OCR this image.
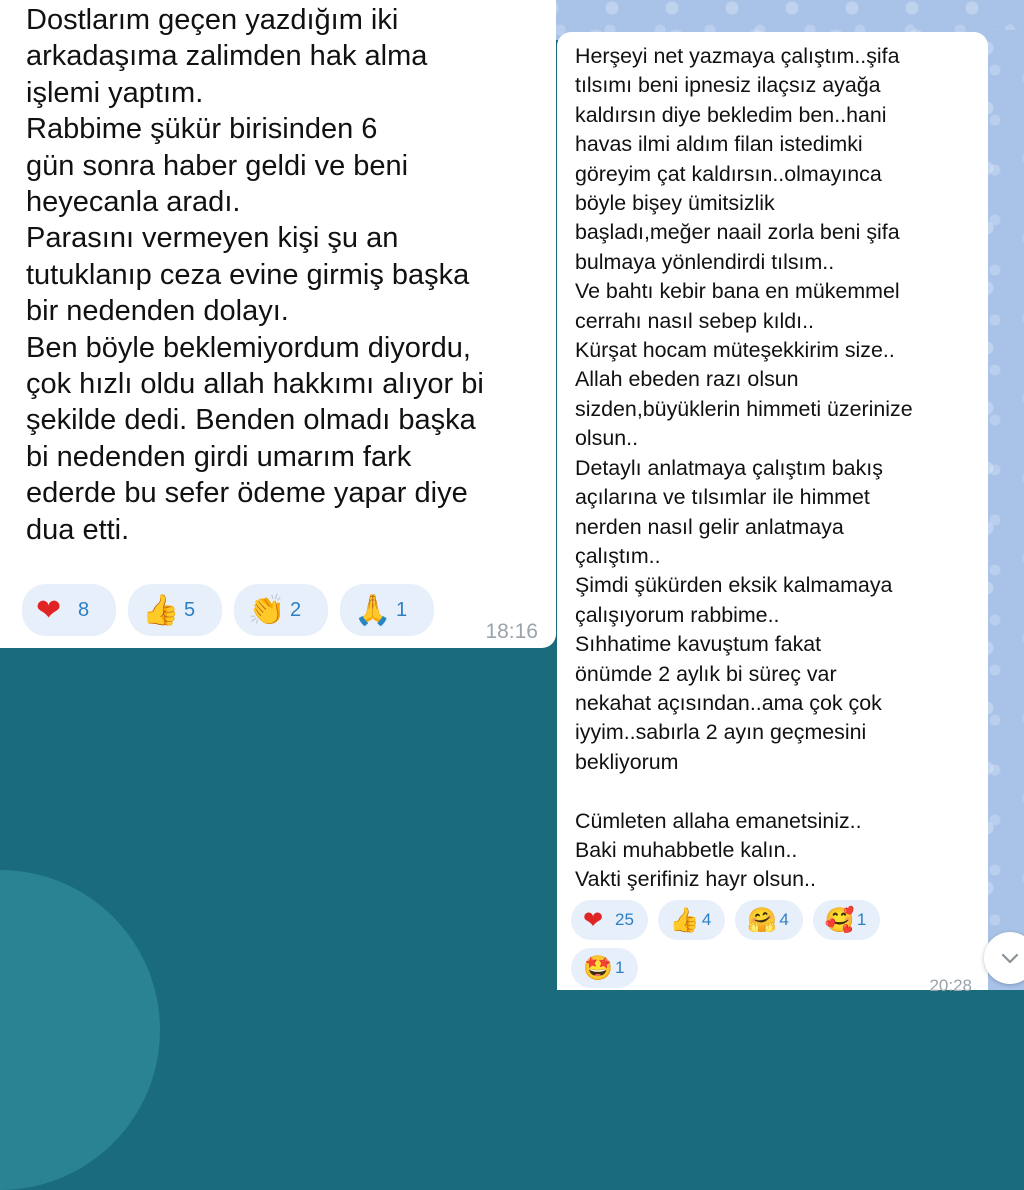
Dostlarım geçen yazdığım iki
arkadaşıma zalimden hak alma
işlemi yaptım.
Rabbime şükür birisinden 6
gün sonra haber geldi ve beni
heyecanla aradı.
Parasını vermeyen kişi şu an
tutuklanıp ceza evine girmiş başka
bir nedenden dolayı.
Ben böyle beklemiyordum diyordu,
çok hızlı oldu allah hakkımı alıyor bi
şekilde dedi. Benden olmadı başka
bi nedenden girdi umarım fark
ederde bu sefer ödeme yapar diye
dua etti.

❤ 8 👍 5 👏 2 🙏 1
18:16

Herşeyi net yazmaya çalıştım..şifa
tılsımı beni ipnesiz ilaçsız ayağa
kaldırsın diye bekledim ben..hani
havas ilmi aldım filan istedimki
göreyim çat kaldırsın..olmayınca
böyle bişey ümitsizlik
başladı,meğer naail zorla beni şifa
bulmaya yönlendirdi tılsım..
Ve bahtı kebir bana en mükemmel
cerrahı nasıl sebep kıldı..
Kürşat hocam müteşekkirim size..
Allah ebeden razı olsun
sizden,büyüklerin himmeti üzerinize
olsun..
Detaylı anlatmaya çalıştım bakış
açılarına ve tılsımlar ile himmet
nerden nasıl gelir anlatmaya
çalıştım..
Şimdi şükürden eksik kalmamaya
çalışıyorum rabbime..
Sıhhatime kavuştum fakat
önümde 2 aylık bi süreç var
nekahat açısından..ama çok çok
iyyim..sabırla 2 ayın geçmesini
bekliyorum

Cümleten allaha emanetsiniz..
Baki muhabbetle kalın..
Vakti şerifiniz hayr olsun..

❤ 25 👍 4 🤗 4 🥰 1
🤩 1
20:28
